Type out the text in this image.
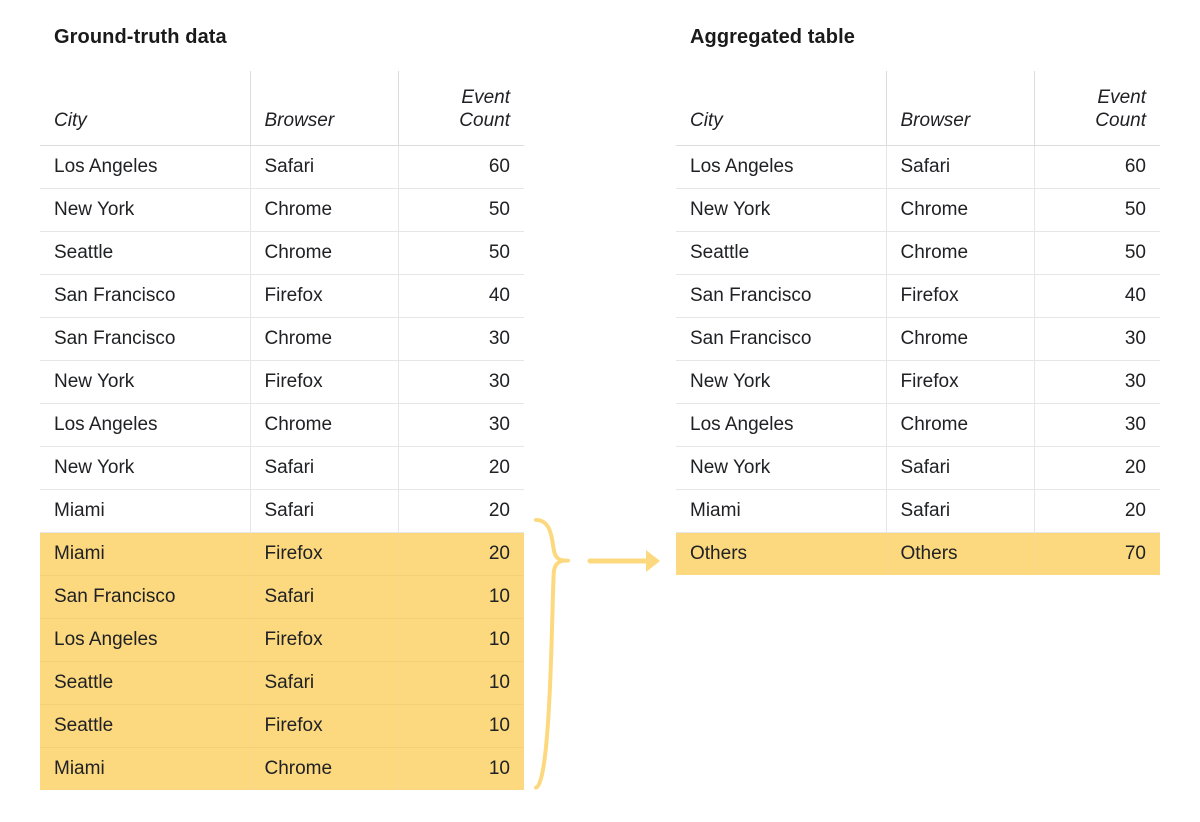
Ground-truth data
City	Browser	Event
Count

Los Angeles	Safari	60
New York	Chrome	50
Seattle	Chrome	50
San Francisco	Firefox	40
San Francisco	Chrome	30
New York	Firefox	30
Los Angeles	Chrome	30
New York	Safari	20
Miami	Safari	20
Miami	Firefox	20
San Francisco	Safari	10
Los Angeles	Firefox	10
Seattle	Safari	10
Seattle	Firefox	10
Miami	Chrome	10
Aggregated table
City	Browser	Event
Count

Los Angeles	Safari	60
New York	Chrome	50
Seattle	Chrome	50
San Francisco	Firefox	40
San Francisco	Chrome	30
New York	Firefox	30
Los Angeles	Chrome	30
New York	Safari	20
Miami	Safari	20
Others	Others	70
